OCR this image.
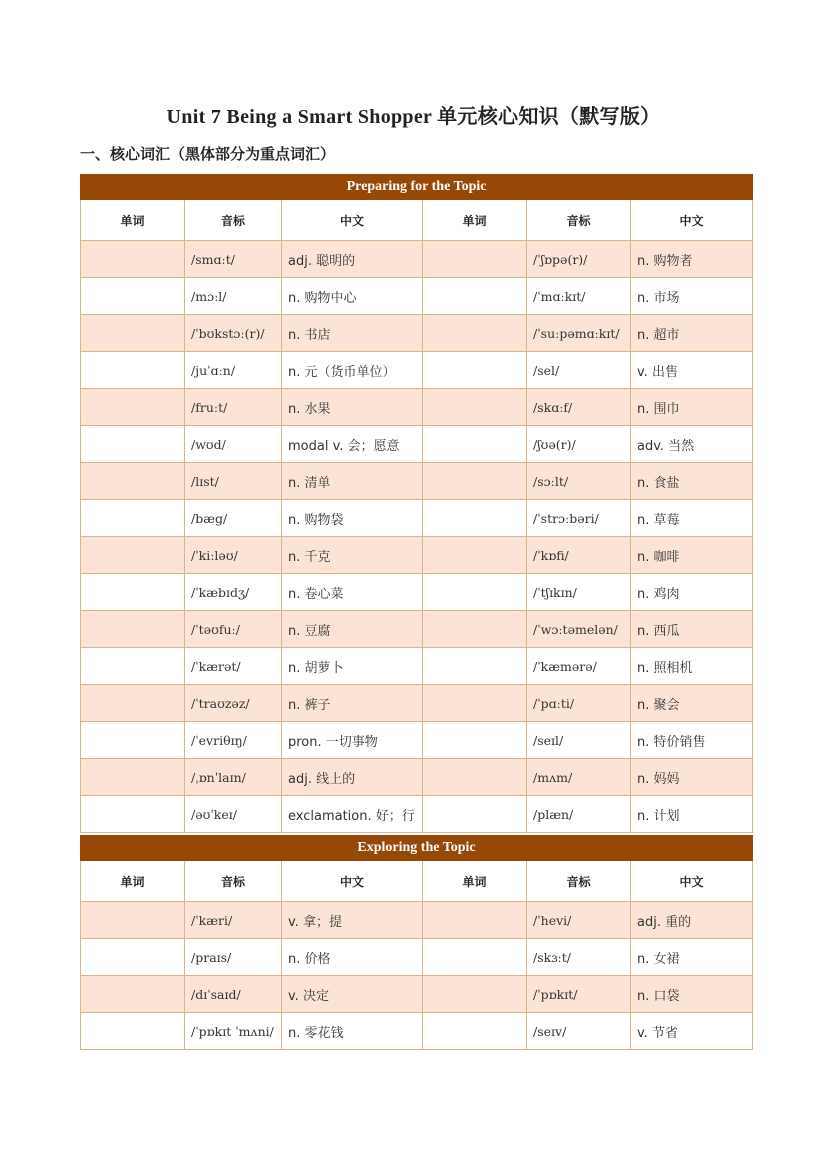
Unit 7 Being a Smart Shopper 单元核心知识（默写版）
一、核心词汇（黑体部分为重点词汇）
Preparing for the Topic					
单词	音标	中文	单词	音标	中文
	/smɑːt/	adj. 聪明的		/ˈʃɒpə(r)/	n. 购物者
	/mɔːl/	n. 购物中心		/ˈmɑːkɪt/	n. 市场
	/ˈbʊkstɔː(r)/	n. 书店		/ˈsuːpəmɑːkɪt/	n. 超市
	/juˈɑːn/	n. 元（货币单位）		/sel/	v. 出售
	/fruːt/	n. 水果		/skɑːf/	n. 围巾
	/wʊd/	modal v. 会；愿意		/ʃʊə(r)/	adv. 当然
	/lɪst/	n. 清单		/sɔːlt/	n. 食盐
	/bæg/	n. 购物袋		/ˈstrɔːbəri/	n. 草莓
	/ˈkiːləʊ/	n. 千克		/ˈkɒfi/	n. 咖啡
	/ˈkæbɪdʒ/	n. 卷心菜		/ˈtʃɪkɪn/	n. 鸡肉
	/ˈtəʊfuː/	n. 豆腐		/ˈwɔːtəmelən/	n. 西瓜
	/ˈkærət/	n. 胡萝卜		/ˈkæmərə/	n. 照相机
	/ˈtraʊzəz/	n. 裤子		/ˈpɑːti/	n. 聚会
	/ˈevriθɪŋ/	pron. 一切事物		/seɪl/	n. 特价销售
	/ˌɒnˈlaɪn/	adj. 线上的		/mʌm/	n. 妈妈
	/əʊˈkeɪ/	exclamation. 好；行		/plæn/	n. 计划
Exploring the Topic					
单词	音标	中文	单词	音标	中文
	/ˈkæri/	v. 拿；提		/ˈhevi/	adj. 重的
	/praɪs/	n. 价格		/skɜːt/	n. 女裙
	/dɪˈsaɪd/	v. 决定		/ˈpɒkɪt/	n. 口袋
	/ˈpɒkɪt ˈmʌni/	n. 零花钱		/seɪv/	v. 节省
